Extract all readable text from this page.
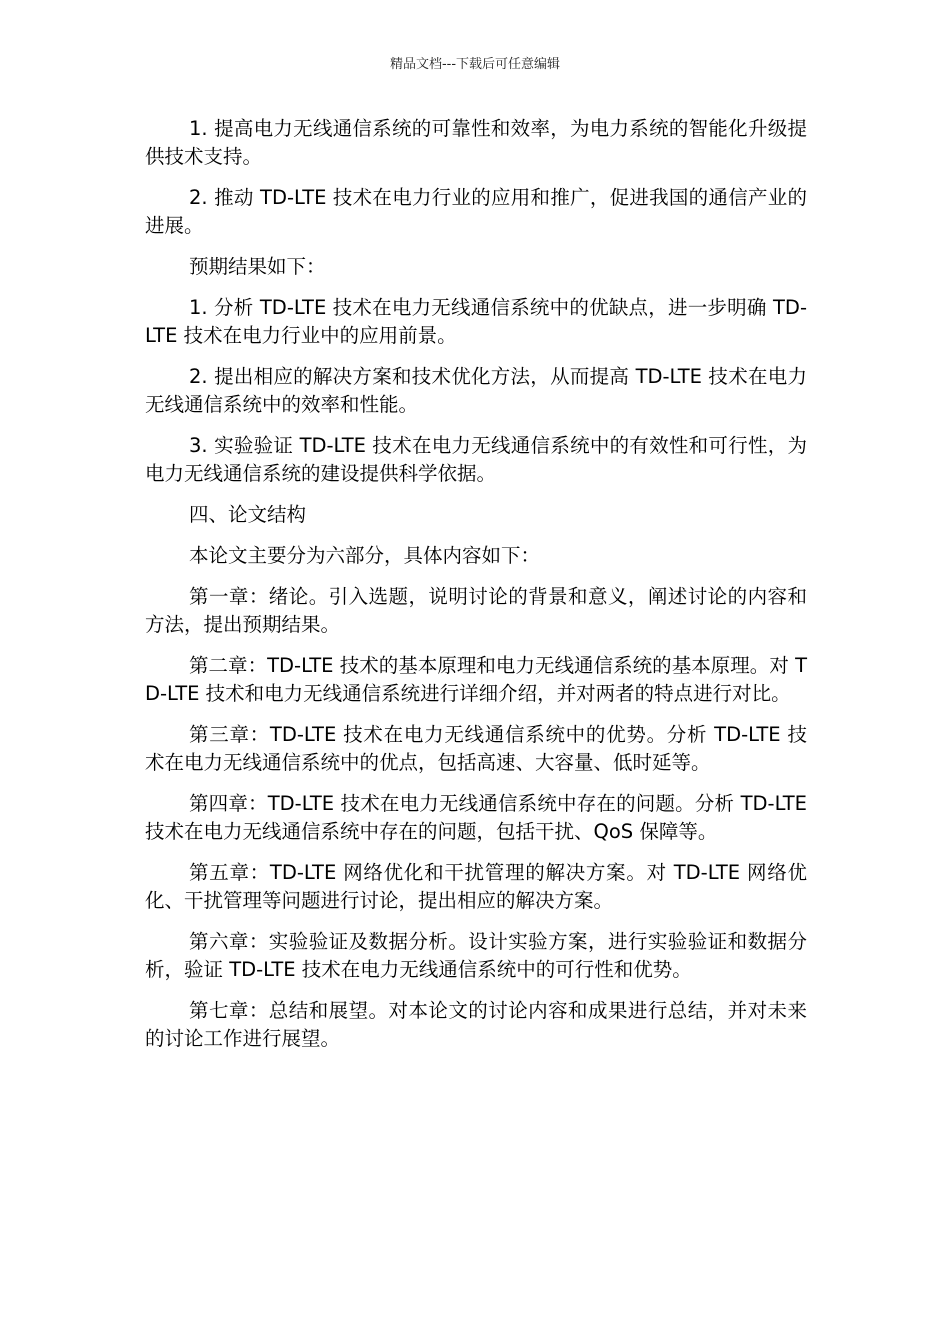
精品文档---下载后可任意编辑

1. 提高电力无线通信系统的可靠性和效率，为电力系统的智能化升级提供技术支持。

2. 推动 TD-LTE 技术在电力行业的应用和推广，促进我国的通信产业的进展。

预期结果如下：

1. 分析 TD-LTE 技术在电力无线通信系统中的优缺点，进一步明确 TD-LTE 技术在电力行业中的应用前景。

2. 提出相应的解决方案和技术优化方法，从而提高 TD-LTE 技术在电力无线通信系统中的效率和性能。

3. 实验验证 TD-LTE 技术在电力无线通信系统中的有效性和可行性，为电力无线通信系统的建设提供科学依据。

四、论文结构

本论文主要分为六部分，具体内容如下：

第一章：绪论。引入选题，说明讨论的背景和意义，阐述讨论的内容和方法，提出预期结果。

第二章：TD-LTE 技术的基本原理和电力无线通信系统的基本原理。对 TD-LTE 技术和电力无线通信系统进行详细介绍，并对两者的特点进行对比。

第三章：TD-LTE 技术在电力无线通信系统中的优势。分析 TD-LTE 技术在电力无线通信系统中的优点，包括高速、大容量、低时延等。

第四章：TD-LTE 技术在电力无线通信系统中存在的问题。分析 TD-LTE 技术在电力无线通信系统中存在的问题，包括干扰、QoS 保障等。

第五章：TD-LTE 网络优化和干扰管理的解决方案。对 TD-LTE 网络优化、干扰管理等问题进行讨论，提出相应的解决方案。

第六章：实验验证及数据分析。设计实验方案，进行实验验证和数据分析，验证 TD-LTE 技术在电力无线通信系统中的可行性和优势。

第七章：总结和展望。对本论文的讨论内容和成果进行总结，并对未来的讨论工作进行展望。
